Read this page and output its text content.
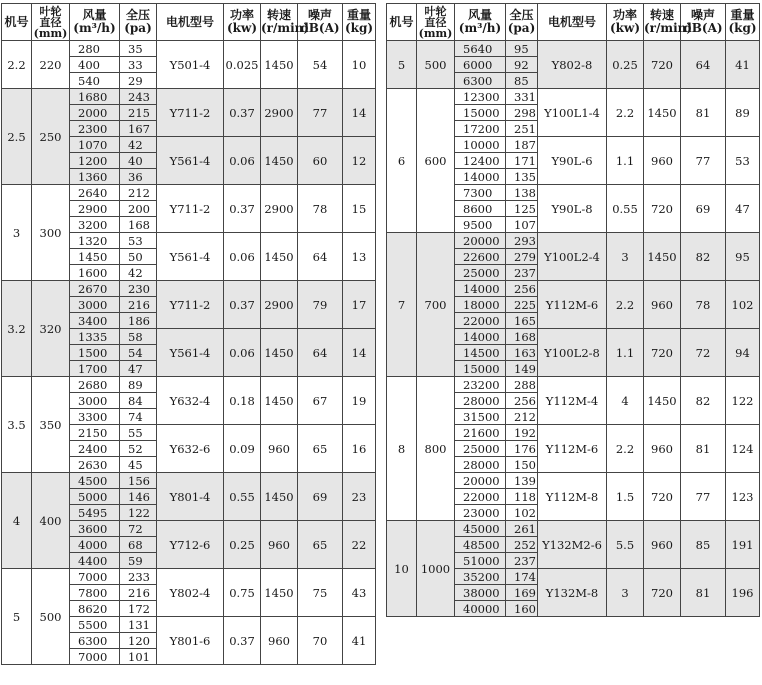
机号	叶轮
直径
(mm)	风量
(m³/h)	全压
(pa)	电机型号	功率
(kw)	转速
(r/min)	噪声
dB(A)	重量
(kg)
2.2	220	280	35	Y501-4	0.025	1450	54	10
		400	33					
		540	29					
2.5	250	1680	243	Y711-2	0.37	2900	77	14
		2000	215					
		2300	167					
		1070	42	Y561-4	0.06	1450	60	12
		1200	40					
		1360	36					
3	300	2640	212	Y711-2	0.37	2900	78	15
		2900	200					
		3200	168					
		1320	53	Y561-4	0.06	1450	64	13
		1450	50					
		1600	42					
3.2	320	2670	230	Y711-2	0.37	2900	79	17
		3000	216					
		3400	186					
		1335	58	Y561-4	0.06	1450	64	14
		1500	54					
		1700	47					
3.5	350	2680	89	Y632-4	0.18	1450	67	19
		3000	84					
		3300	74					
		2150	55	Y632-6	0.09	960	65	16
		2400	52					
		2630	45					
4	400	4500	156	Y801-4	0.55	1450	69	23
		5000	146					
		5495	122					
		3600	72	Y712-6	0.25	960	65	22
		4000	68					
		4400	59					
5	500	7000	233	Y802-4	0.75	1450	75	43
		7800	216					
		8620	172					
		5500	131	Y801-6	0.37	960	70	41
		6300	120					
		7000	101					
机号	叶轮
直径
(mm)	风量
(m³/h)	全压
(pa)	电机型号	功率
(kw)	转速
(r/min)	噪声
dB(A)	重量
(kg)
5	500	5640	95	Y802-8	0.25	720	64	41
		6000	92					
		6300	85					
6	600	12300	331	Y100L1-4	2.2	1450	81	89
		15000	298					
		17200	251					
		10000	187	Y90L-6	1.1	960	77	53
		12400	171					
		14000	135					
		7300	138	Y90L-8	0.55	720	69	47
		8600	125					
		9500	107					
7	700	20000	293	Y100L2-4	3	1450	82	95
		22600	279					
		25000	237					
		14000	256	Y112M-6	2.2	960	78	102
		18000	225					
		22000	165					
		14000	168	Y100L2-8	1.1	720	72	94
		14500	163					
		15000	149					
8	800	23200	288	Y112M-4	4	1450	82	122
		28000	256					
		31500	212					
		21600	192	Y112M-6	2.2	960	81	124
		25000	176					
		28000	150					
		20000	139	Y112M-8	1.5	720	77	123
		22000	118					
		23000	102					
10	1000	45000	261	Y132M2-6	5.5	960	85	191
		48500	252					
		51000	237					
		35200	174	Y132M-8	3	720	81	196
		38000	169					
		40000	160					
